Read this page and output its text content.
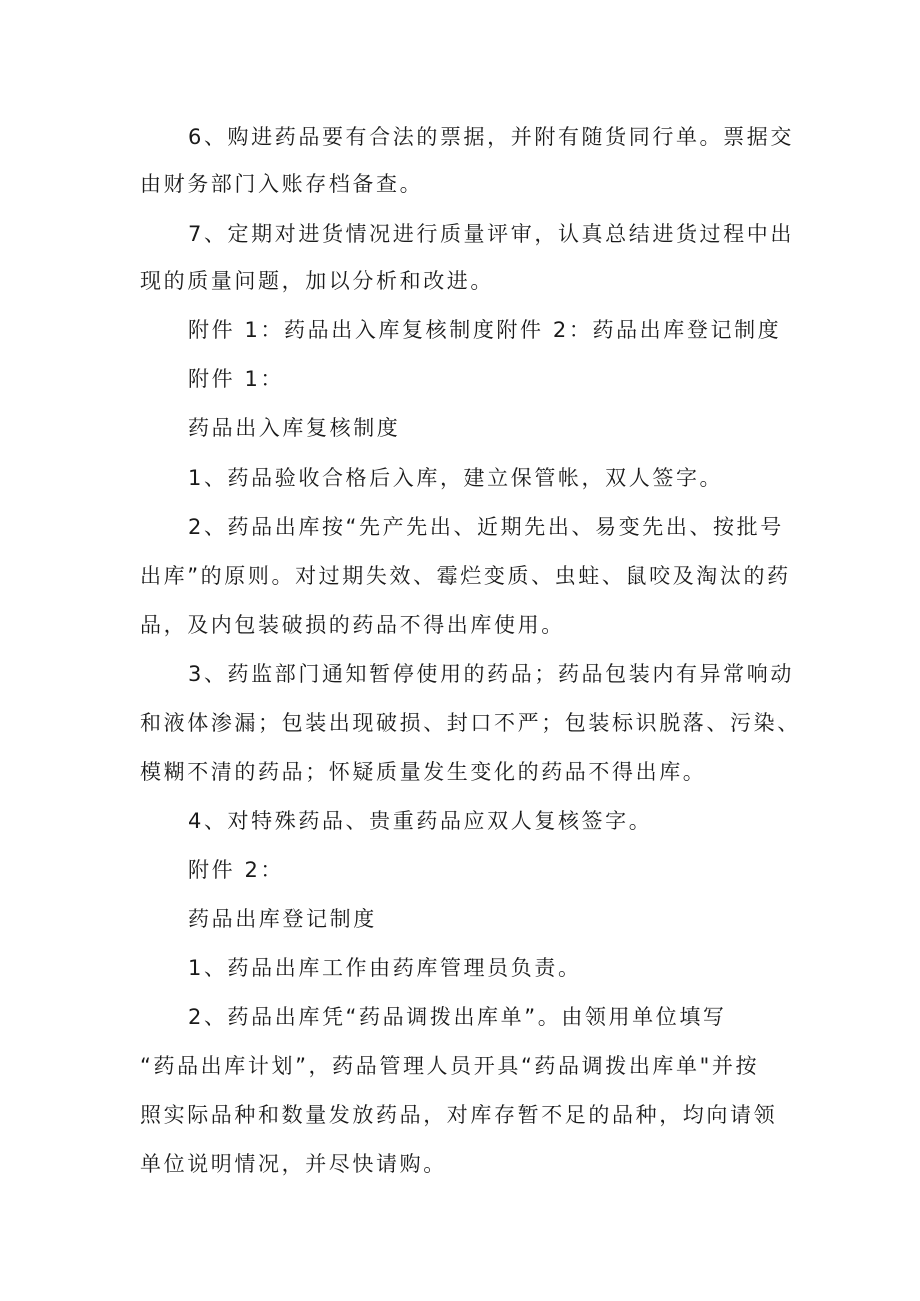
6、购进药品要有合法的票据，并附有随货同行单。票据交
由财务部门入账存档备查。
7、定期对进货情况进行质量评审，认真总结进货过程中出
现的质量问题，加以分析和改进。
附件 1：药品出入库复核制度附件 2：药品出库登记制度
附件 1：
药品出入库复核制度
1、药品验收合格后入库，建立保管帐，双人签字。
2、药品出库按“先产先出、近期先出、易变先出、按批号
出库”的原则。对过期失效、霉烂变质、虫蛀、鼠咬及淘汰的药
品，及内包装破损的药品不得出库使用。
3、药监部门通知暂停使用的药品；药品包装内有异常响动
和液体渗漏；包装出现破损、封口不严；包装标识脱落、污染、
模糊不清的药品；怀疑质量发生变化的药品不得出库。
4、对特殊药品、贵重药品应双人复核签字。
附件 2：
药品出库登记制度
1、药品出库工作由药库管理员负责。
2、药品出库凭“药品调拨出库单”。由领用单位填写
“药品出库计划”，药品管理人员开具“药品调拨出库单"并按
照实际品种和数量发放药品，对库存暂不足的品种，均向请领
单位说明情况，并尽快请购。
